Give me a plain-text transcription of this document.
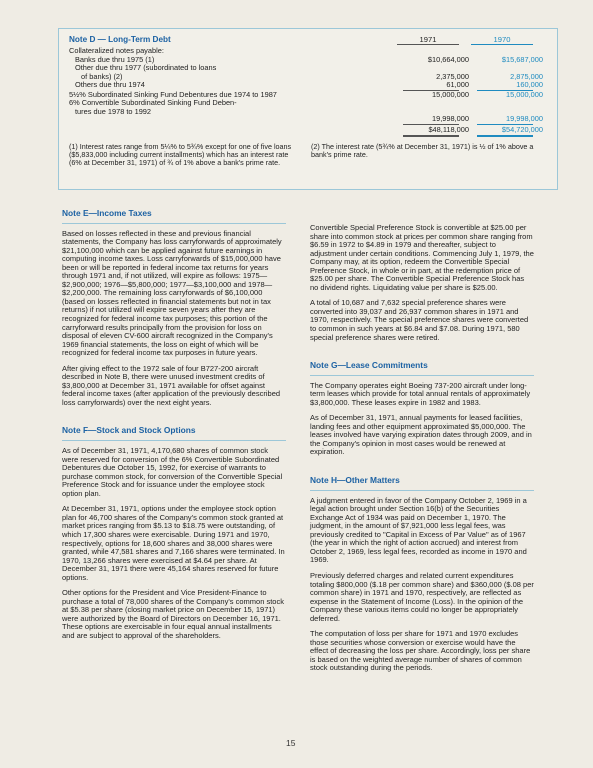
Note D — Long-Term Debt	1971	1970
Collateralized notes payable:
Banks due thru 1975 (1)	$10,664,000	$15,687,000
Other due thru 1977 (subordinated to loans
of banks) (2)	2,375,000	2,875,000
Others due thru 1974	61,000	160,000
5½% Subordinated Sinking Fund Debentures due 1974 to 1987	15,000,000	15,000,000
6% Convertible Subordinated Sinking Fund Deben-
tures due 1978 to 1992
19,998,000	19,998,000
$48,118,000	$54,720,000
(1) Interest rates range from 5¼% to 5¾% except for one of five loans ($5,833,000 including current installments) which has an interest rate (6% at December 31, 1971) of ¾ of 1% above a bank's prime rate.
(2) The interest rate (5¾% at December 31, 1971) is ½ of 1% above a bank's prime rate.
Note E—Income Taxes

Based on losses reflected in these and previous financial statements, the Company has loss carryforwards of approximately $21,100,000 which can be applied against future earnings in computing income taxes. Loss carryforwards of $15,000,000 have been or will be reported in federal income tax returns for years through 1971 and, if not utilized, will expire as follows: 1975—$2,900,000; 1976—$5,800,000; 1977—$3,100,000 and 1978—$2,200,000. The remaining loss carryforwards of $6,100,000 (based on losses reflected in financial statements but not in tax returns) if not utilized will expire seven years after they are recognized for federal income tax purposes; this portion of the carryforward results principally from the provision for loss on disposal of eleven CV-600 aircraft recognized in the Company's 1969 financial statements, the loss on eight of which will be recognized for federal income tax purposes in future years.

After giving effect to the 1972 sale of four B727-200 aircraft described in Note B, there were unused investment credits of $3,800,000 at December 31, 1971 available for offset against federal income taxes (after application of the previously described loss carryforwards) over the next eight years.

Note F—Stock and Stock Options

As of December 31, 1971, 4,170,680 shares of common stock were reserved for conversion of the 6% Convertible Subordinated Debentures due October 15, 1992, for exercise of warrants to purchase common stock, for conversion of the Convertible Special Preference Stock and for issuance under the employee stock option plan.

At December 31, 1971, options under the employee stock option plan for 46,700 shares of the Company's common stock granted at market prices ranging from $5.13 to $18.75 were outstanding, of which 17,300 shares were exercisable. During 1971 and 1970, respectively, options for 18,600 shares and 38,000 shares were granted, while 47,581 shares and 7,166 shares were terminated. In 1970, 13,266 shares were exercised at $4.64 per share. At December 31, 1971 there were 45,164 shares reserved for future options.

Other options for the President and Vice President-Finance to purchase a total of 78,000 shares of the Company's common stock at $5.38 per share (closing market price on December 15, 1971) were authorized by the Board of Directors on December 16, 1971. These options are exercisable in four equal annual installments and are subject to approval of the shareholders.

Convertible Special Preference Stock is convertible at $25.00 per share into common stock at prices per common share ranging from $6.59 in 1972 to $4.89 in 1979 and thereafter, subject to adjustment under certain conditions. Commencing July 1, 1979, the Company may, at its option, redeem the Convertible Special Preference Stock, in whole or in part, at the redemption price of $25.00 per share. The Convertible Special Preference Stock has no dividend rights. Liquidating value per share is $25.00.

A total of 10,687 and 7,632 special preference shares were converted into 39,037 and 26,937 common shares in 1971 and 1970, respectively. The special preference shares were converted to common in such years at $6.84 and $7.08. During 1971, 580 special preference shares were retired.

Note G—Lease Commitments

The Company operates eight Boeing 737-200 aircraft under long-term leases which provide for total annual rentals of approximately $3,800,000. These leases expire in 1982 and 1983.

As of December 31, 1971, annual payments for leased facilities, landing fees and other equipment approximated $5,000,000. The leases involved have varying expiration dates through 2009, and in the Company's opinion in most cases would be renewed at expiration.

Note H—Other Matters

A judgment entered in favor of the Company October 2, 1969 in a legal action brought under Section 16(b) of the Securities Exchange Act of 1934 was paid on December 1, 1970. The judgment, in the amount of $7,921,000 less legal fees, was previously credited to "Capital in Excess of Par Value" as of 1967 (the year in which the right of action accrued) and interest from October 2, 1969, less legal fees, recorded as income in 1970 and 1969.

Previously deferred charges and related current expenditures totaling $800,000 ($.18 per common share) and $360,000 ($.08 per common share) in 1971 and 1970, respectively, are reflected as expense in the Statement of Income (Loss). In the opinion of the Company these various items could no longer be appropriately deferred.

The computation of loss per share for 1971 and 1970 excludes those securities whose conversion or exercise would have the effect of decreasing the loss per share. Accordingly, loss per share is based on the weighted average number of shares of common stock outstanding during the periods.

15
